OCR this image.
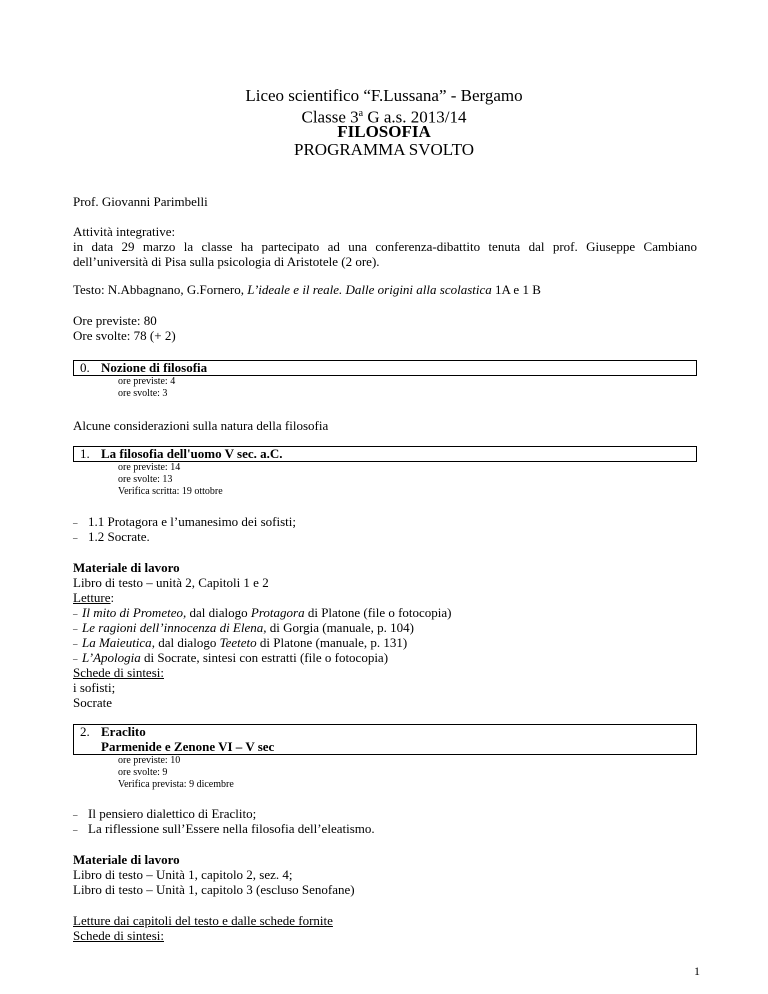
Liceo scientifico “F.Lussana” - Bergamo
Classe 3$^a$ G a.s. 2013/14
FILOSOFIA
PROGRAMMA SVOLTO
Prof. Giovanni Parimbelli
Attività integrative:
in data 29 marzo la classe ha partecipato ad una conferenza-dibattito tenuta dal prof. Giuseppe Cambiano dell’università di Pisa sulla psicologia di Aristotele (2 ore).
Testo: N.Abbagnano, G.Fornero, L’ideale e il reale. Dalle origini alla scolastica 1A e 1 B
Ore previste: 80
Ore svolte: 78 (+ 2)
0. Nozione di filosofia
ore previste: 4
ore svolte: 3
Alcune considerazioni sulla natura della filosofia
1. La filosofia dell'uomo V sec. a.C.
ore previste: 14
ore svolte: 13
Verifica scritta: 19 ottobre
– 1.1 Protagora e l’umanesimo dei sofisti;
– 1.2 Socrate.
Materiale di lavoro
Libro di testo – unità 2, Capitoli 1 e 2
Letture:
– Il mito di Prometeo, dal dialogo Protagora di Platone (file o fotocopia)
– Le ragioni dell’innocenza di Elena, di Gorgia (manuale, p. 104)
– La Maieutica, dal dialogo Teeteto di Platone (manuale, p. 131)
– L’Apologia di Socrate, sintesi con estratti (file o fotocopia)
Schede di sintesi:
i sofisti;
Socrate
2. Eraclito
Parmenide e Zenone VI – V sec
ore previste: 10
ore svolte: 9
Verifica prevista: 9 dicembre
– Il pensiero dialettico di Eraclito;
– La riflessione sull’Essere nella filosofia dell’eleatismo.
Materiale di lavoro
Libro di testo – Unità 1, capitolo 2, sez. 4;
Libro di testo – Unità 1, capitolo 3 (escluso Senofane)
Letture dai capitoli del testo e dalle schede fornite
Schede di sintesi:
1
